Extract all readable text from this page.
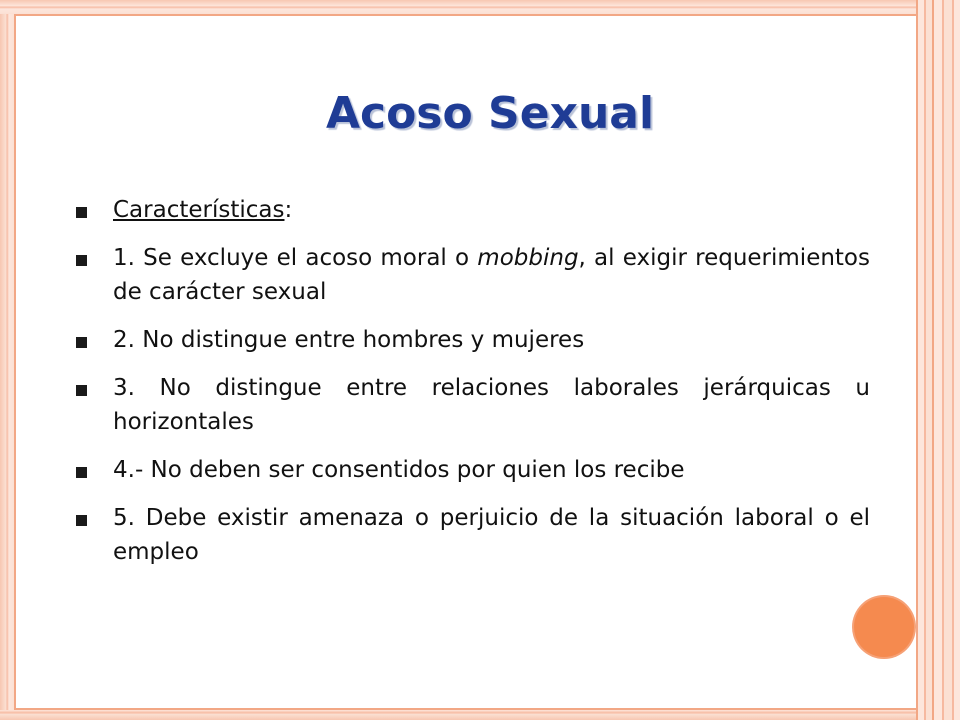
Acoso Sexual
Características:
1. Se excluye el acoso moral o mobbing, al exigir requerimientos de carácter sexual
2. No distingue entre hombres y mujeres
3. No distingue entre relaciones laborales jerárquicas u horizontales
4.- No deben ser consentidos por quien los recibe
5. Debe existir amenaza o perjuicio de la situación laboral o el empleo
